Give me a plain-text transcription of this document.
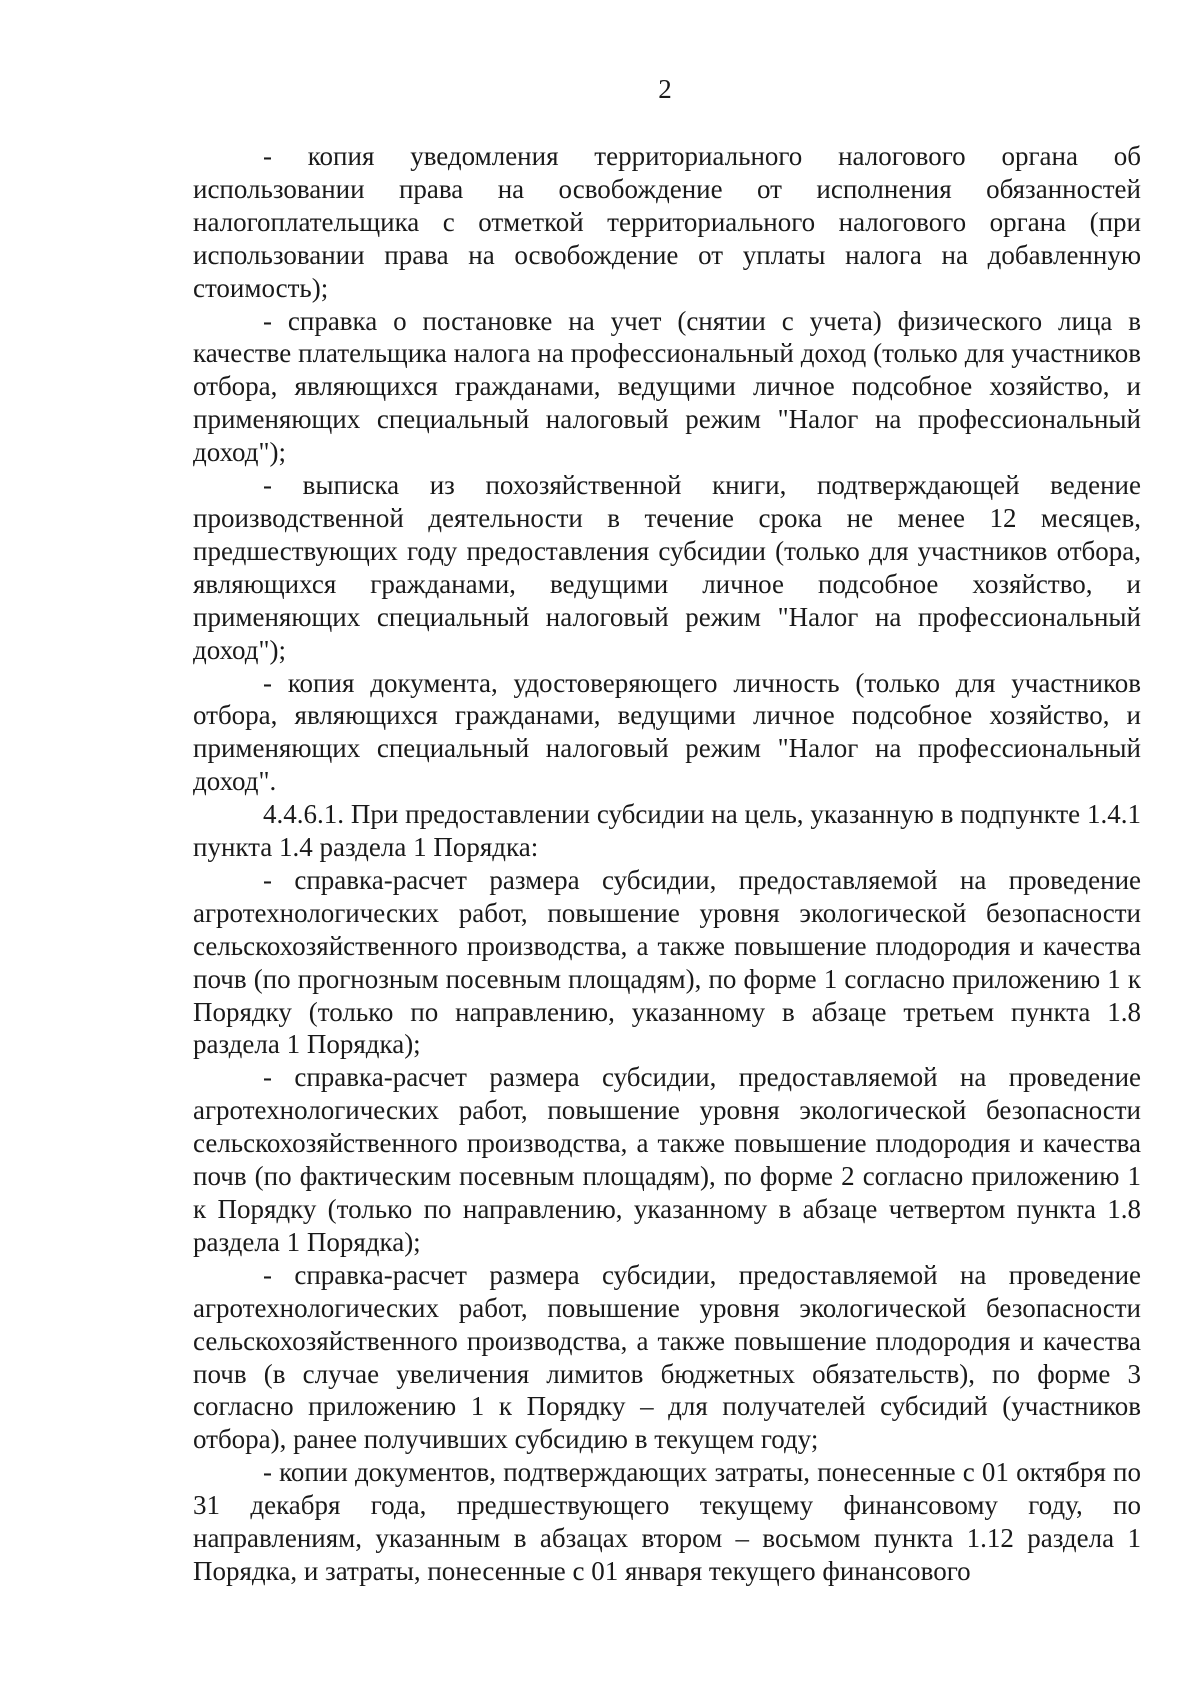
2

- копия уведомления территориального налогового органа об использовании права на освобождение от исполнения обязанностей налогоплательщика с отметкой территориального налогового органа (при использовании права на освобождение от уплаты налога на добавленную стоимость);

- справка о постановке на учет (снятии с учета) физического лица в качестве плательщика налога на профессиональный доход (только для участников отбора, являющихся гражданами, ведущими личное подсобное хозяйство, и применяющих специальный налоговый режим "Налог на профессиональный доход");

- выписка из похозяйственной книги, подтверждающей ведение производственной деятельности в течение срока не менее 12 месяцев, предшествующих году предоставления субсидии (только для участников отбора, являющихся гражданами, ведущими личное подсобное хозяйство, и применяющих специальный налоговый режим "Налог на профессиональный доход");

- копия документа, удостоверяющего личность (только для участников отбора, являющихся гражданами, ведущими личное подсобное хозяйство, и применяющих специальный налоговый режим "Налог на профессиональный доход".

4.4.6.1. При предоставлении субсидии на цель, указанную в подпункте 1.4.1 пункта 1.4 раздела 1 Порядка:

- справка-расчет размера субсидии, предоставляемой на проведение агротехнологических работ, повышение уровня экологической безопасности сельскохозяйственного производства, а также повышение плодородия и качества почв (по прогнозным посевным площадям), по форме 1 согласно приложению 1 к Порядку (только по направлению, указанному в абзаце третьем пункта 1.8 раздела 1 Порядка);

- справка-расчет размера субсидии, предоставляемой на проведение агротехнологических работ, повышение уровня экологической безопасности сельскохозяйственного производства, а также повышение плодородия и качества почв (по фактическим посевным площадям), по форме 2 согласно приложению 1 к Порядку (только по направлению, указанному в абзаце четвертом пункта 1.8 раздела 1 Порядка);

- справка-расчет размера субсидии, предоставляемой на проведение агротехнологических работ, повышение уровня экологической безопасности сельскохозяйственного производства, а также повышение плодородия и качества почв (в случае увеличения лимитов бюджетных обязательств), по форме 3 согласно приложению 1 к Порядку – для получателей субсидий (участников отбора), ранее получивших субсидию в текущем году;

- копии документов, подтверждающих затраты, понесенные с 01 октября по 31 декабря года, предшествующего текущему финансовому году, по направлениям, указанным в абзацах втором – восьмом пункта 1.12 раздела 1 Порядка, и затраты, понесенные с 01 января текущего финансового
